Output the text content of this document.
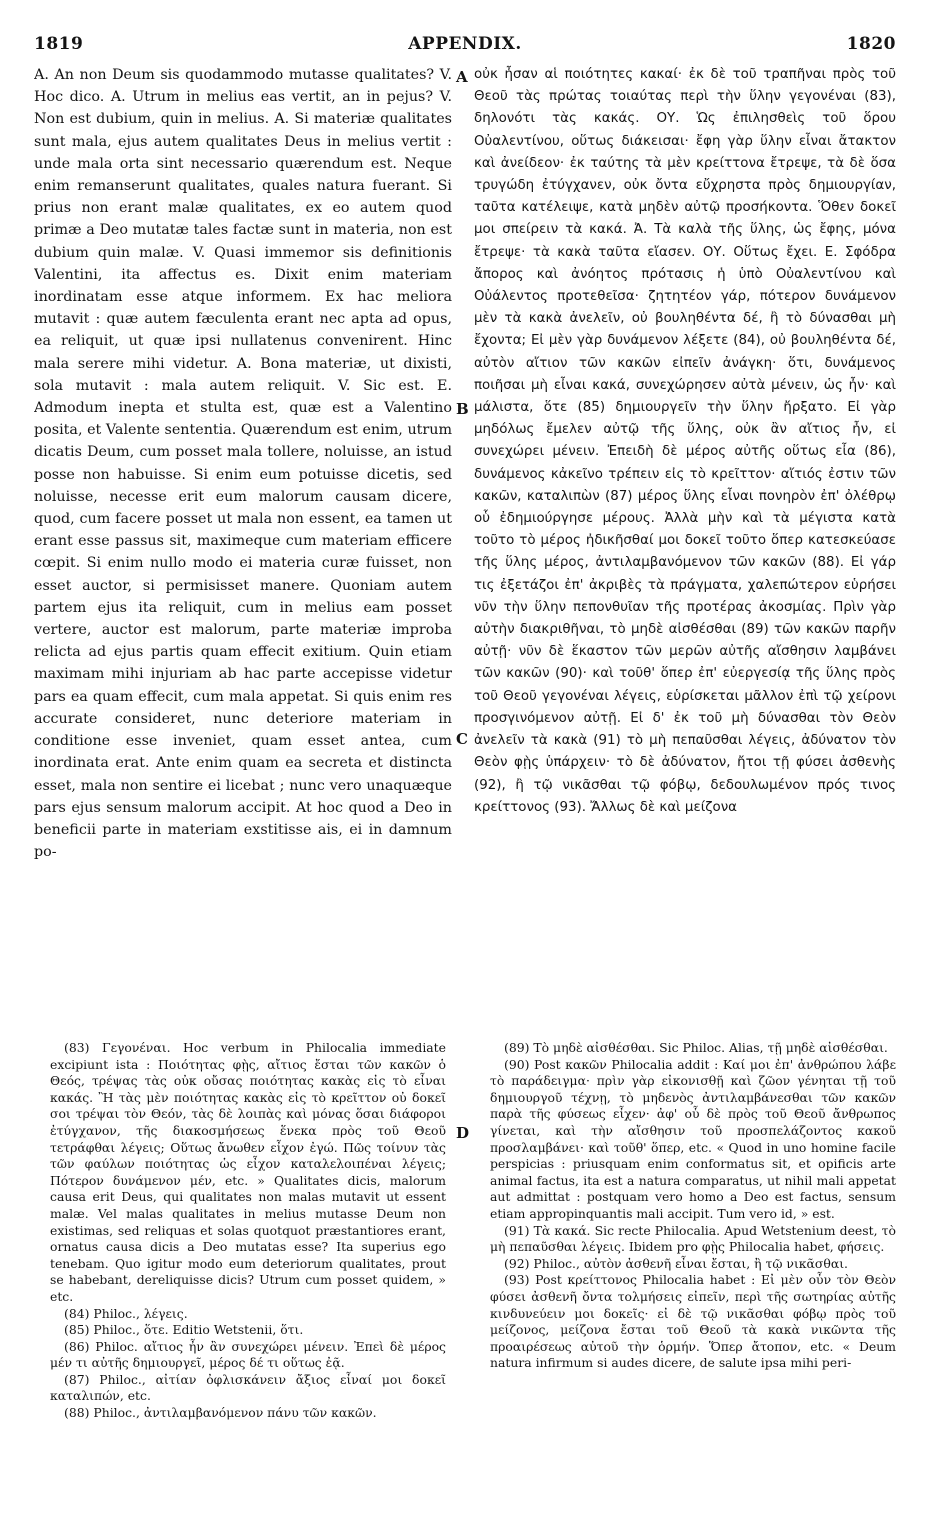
1819	APPENDIX.	1820

A. An non Deum sis quodammodo mutasse qualitates? V. Hoc dico. A. Utrum in melius eas vertit, an in pejus? V. Non est dubium, quin in melius. A. Si materiæ qualitates sunt mala, ejus autem qualitates Deus in melius vertit : unde mala orta sint necessario quærendum est. Neque enim remanserunt qualitates, quales natura fuerant. Si prius non erant malæ qualitates, ex eo autem quod primæ a Deo mutatæ tales factæ sunt in materia, non est dubium quin malæ. V. Quasi immemor sis definitionis Valentini, ita affectus es. Dixit enim materiam inordinatam esse atque informem. Ex hac meliora mutavit : quæ autem fæculenta erant nec apta ad opus, ea reliquit, ut quæ ipsi nullatenus convenirent. Hinc mala serere mihi videtur. A. Bona materiæ, ut dixisti, sola mutavit : mala autem reliquit. V. Sic est. E. Admodum inepta et stulta est, quæ est a Valentino posita, et Valente sententia. Quærendum est enim, utrum dicatis Deum, cum posset mala tollere, noluisse, an istud posse non habuisse. Si enim eum potuisse dicetis, sed noluisse, necesse erit eum malorum causam dicere, quod, cum facere posset ut mala non essent, ea tamen ut erant esse passus sit, maximeque cum materiam efficere cœpit. Si enim nullo modo ei materia curæ fuisset, non esset auctor, si permisisset manere. Quoniam autem partem ejus ita reliquit, cum in melius eam posset vertere, auctor est malorum, parte materiæ improba relicta ad ejus partis quam effecit exitium. Quin etiam maximam mihi injuriam ab hac parte accepisse videtur pars ea quam effecit, cum mala appetat. Si quis enim res accurate consideret, nunc deteriore materiam in conditione esse inveniet, quam esset antea, cum inordinata erat. Ante enim quam ea secreta et distincta esset, mala non sentire ei licebat ; nunc vero unaquæque pars ejus sensum malorum accipit. At hoc quod a Deo in beneficii parte in materiam exstitisse ais, ei in damnum po-

A
B
C
D

οὐκ ἦσαν αἱ ποιότητες κακαί· ἐκ δὲ τοῦ τραπῆναι πρὸς τοῦ Θεοῦ τὰς πρώτας τοιαύτας περὶ τὴν ὕλην γεγονέναι (83), δηλονότι τὰς κακάς. ΟΥ. Ὡς ἐπιλησθεὶς τοῦ ὅρου Οὐαλεντίνου, οὕτως διάκεισαι· ἔφη γὰρ ὕλην εἶναι ἄτακτον καὶ ἀνείδεον· ἐκ ταύτης τὰ μὲν κρείττονα ἔτρεψε, τὰ δὲ ὅσα τρυγώδη ἐτύγχανεν, οὐκ ὄντα εὔχρηστα πρὸς δημιουργίαν, ταῦτα κατέλειψε, κατὰ μηδὲν αὐτῷ προσήκοντα. Ὅθεν δοκεῖ μοι σπείρειν τὰ κακά. Ἀ. Τὰ καλὰ τῆς ὕλης, ὡς ἔφης, μόνα ἔτρεψε· τὰ κακὰ ταῦτα εἴασεν. ΟΥ. Οὕτως ἔχει. Ε. Σφόδρα ἄπορος καὶ ἀνόητος πρότασις ἡ ὑπὸ Οὐαλεντίνου καὶ Οὐάλεντος προτεθεῖσα· ζητητέον γάρ, πότερον δυνάμενον μὲν τὰ κακὰ ἀνελεῖν, οὐ βουληθέντα δέ, ἢ τὸ δύνασθαι μὴ ἔχοντα; Εἰ μὲν γὰρ δυνάμενον λέξετε (84), οὐ βουληθέντα δέ, αὐτὸν αἴτιον τῶν κακῶν εἰπεῖν ἀνάγκη· ὅτι, δυνάμενος ποιῆσαι μὴ εἶναι κακά, συνεχώρησεν αὐτὰ μένειν, ὡς ἦν· καὶ μάλιστα, ὅτε (85) δημιουργεῖν τὴν ὕλην ἤρξατο. Εἰ γὰρ μηδόλως ἔμελεν αὐτῷ τῆς ὕλης, οὐκ ἂν αἴτιος ἦν, εἰ συνεχώρει μένειν. Ἐπειδὴ δὲ μέρος αὐτῆς οὕτως εἶα (86), δυνάμενος κἀκεῖνο τρέπειν εἰς τὸ κρεῖττον· αἴτιός ἐστιν τῶν κακῶν, καταλιπὼν (87) μέρος ὕλης εἶναι πονηρὸν ἐπ' ὀλέθρῳ οὗ ἐδημιούργησε μέρους. Ἀλλὰ μὴν καὶ τὰ μέγιστα κατὰ τοῦτο τὸ μέρος ἠδικῆσθαί μοι δοκεῖ τοῦτο ὅπερ κατεσκεύασε τῆς ὕλης μέρος, ἀντιλαμβανόμενον τῶν κακῶν (88). Εἰ γάρ τις ἐξετάζοι ἐπ' ἀκριβὲς τὰ πράγματα, χαλεπώτερον εὑρήσει νῦν τὴν ὕλην πεπονθυῖαν τῆς προτέρας ἀκοσμίας. Πρὶν γὰρ αὐτὴν διακριθῆναι, τὸ μηδὲ αἰσθέσθαι (89) τῶν κακῶν παρῆν αὐτῇ· νῦν δὲ ἕκαστον τῶν μερῶν αὐτῆς αἴσθησιν λαμβάνει τῶν κακῶν (90)· καὶ τοῦθ' ὅπερ ἐπ' εὐεργεσίᾳ τῆς ὕλης πρὸς τοῦ Θεοῦ γεγονέναι λέγεις, εὑρίσκεται μᾶλλον ἐπὶ τῷ χείρονι προσγινόμενον αὐτῇ. Εἰ δ' ἐκ τοῦ μὴ δύνασθαι τὸν Θεὸν ἀνελεῖν τὰ κακὰ (91) τὸ μὴ πεπαῦσθαι λέγεις, ἀδύνατον τὸν Θεὸν φῂς ὑπάρχειν· τὸ δὲ ἀδύνατον, ἤτοι τῇ φύσει ἀσθενὴς (92), ἢ τῷ νικᾶσθαι τῷ φόβῳ, δεδουλωμένον πρός τινος κρείττονος (93). Ἄλλως δὲ καὶ μείζονα

(83) Γεγονέναι. Hoc verbum in Philocalia immediate excipiunt ista : Ποιότητας φῂς, αἴτιος ἔσται τῶν κακῶν ὁ Θεός, τρέψας τὰς οὐκ οὔσας ποιότητας κακὰς εἰς τὸ εἶναι κακάς. Ἢ τὰς μὲν ποιότητας κακὰς εἰς τὸ κρεῖττον οὐ δοκεῖ σοι τρέψαι τὸν Θεόν, τὰς δὲ λοιπὰς καὶ μόνας ὅσαι διάφοροι ἐτύγχανον, τῆς διακοσμήσεως ἕνεκα πρὸς τοῦ Θεοῦ τετράφθαι λέγεις; Οὕτως ἄνωθεν εἶχον ἐγώ. Πῶς τοίνυν τὰς τῶν φαύλων ποιότητας ὡς εἶχον καταλελοιπέναι λέγεις; Πότερον δυνάμενον μέν, etc. » Qualitates dicis, malorum causa erit Deus, qui qualitates non malas mutavit ut essent malæ. Vel malas qualitates in melius mutasse Deum non existimas, sed reliquas et solas quotquot præstantiores erant, ornatus causa dicis a Deo mutatas esse? Ita superius ego tenebam. Quo igitur modo eum deteriorum qualitates, prout se habebant, dereliquisse dicis? Utrum cum posset quidem, » etc.

(84) Philoc., λέγεις.

(85) Philoc., ὅτε. Editio Wetstenii, ὅτι.

(86) Philoc. αἴτιος ἦν ἂν συνεχώρει μένειν. Ἐπεὶ δὲ μέρος μέν τι αὐτῆς δημιουργεῖ, μέρος δέ τι οὕτως ἐᾷ.

(87) Philoc., αἰτίαν ὀφλισκάνειν ἄξιος εἶναί μοι δοκεῖ καταλιπών, etc.

(88) Philoc., ἀντιλαμβανόμενον πάνυ τῶν κακῶν.

(89) Τὸ μηδὲ αἰσθέσθαι. Sic Philoc. Alias, τῇ μηδὲ αἰσθέσθαι.

(90) Post κακῶν Philocalia addit : Καί μοι ἐπ' ἀνθρώπου λάβε τὸ παράδειγμα· πρὶν γὰρ εἰκονισθῇ καὶ ζῶον γένηται τῇ τοῦ δημιουργοῦ τέχνῃ, τὸ μηδενὸς ἀντιλαμβάνεσθαι τῶν κακῶν παρὰ τῆς φύσεως εἶχεν· ἀφ' οὗ δὲ πρὸς τοῦ Θεοῦ ἄνθρωπος γίνεται, καὶ τὴν αἴσθησιν τοῦ προσπελάζοντος κακοῦ προσλαμβάνει· καὶ τοῦθ' ὅπερ, etc. « Quod in uno homine facile perspicias : priusquam enim conformatus sit, et opificis arte animal factus, ita est a natura comparatus, ut nihil mali appetat aut admittat : postquam vero homo a Deo est factus, sensum etiam appropinquantis mali accipit. Tum vero id, » est.

(91) Τὰ κακά. Sic recte Philocalia. Apud Wetstenium deest, τὸ μὴ πεπαῦσθαι λέγεις. Ibidem pro φῂς Philocalia habet, φήσεις.

(92) Philoc., αὐτὸν ἀσθενῆ εἶναι ἔσται, ἢ τῷ νικᾶσθαι.

(93) Post κρείττονος Philocalia habet : Εἰ μὲν οὖν τὸν Θεὸν φύσει ἀσθενῆ ὄντα τολμήσεις εἰπεῖν, περὶ τῆς σωτηρίας αὐτῆς κινδυνεύειν μοι δοκεῖς· εἰ δὲ τῷ νικᾶσθαι φόβῳ πρὸς τοῦ μείζονος, μείζονα ἔσται τοῦ Θεοῦ τὰ κακὰ νικῶντα τῆς προαιρέσεως αὐτοῦ τὴν ὁρμήν. Ὅπερ ἄτοπον, etc. « Deum natura infirmum si audes dicere, de salute ipsa mihi peri-
